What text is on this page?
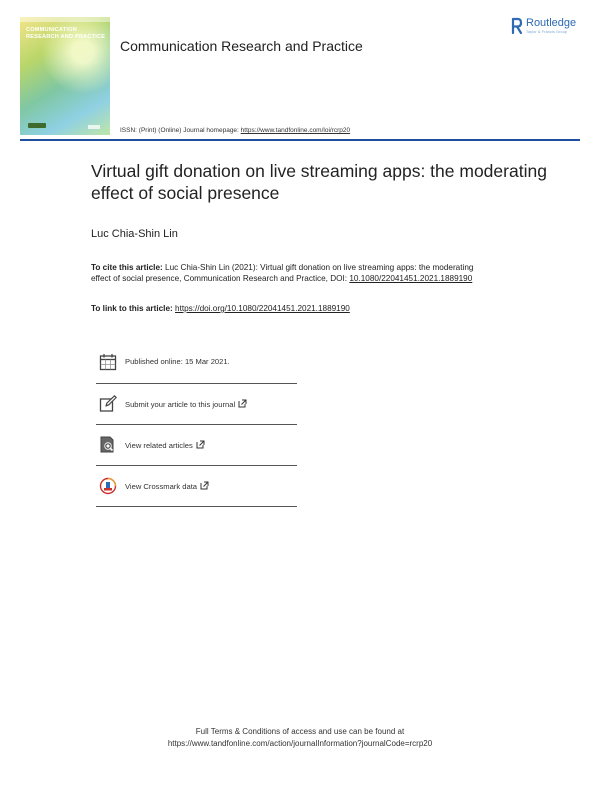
COMMUNICATION RESEARCH AND PRACTICE
Communication Research and Practice
ISSN: (Print) (Online) Journal homepage: https://www.tandfonline.com/loi/rcrp20
Routledge
Taylor & Francis Group
Virtual gift donation on live streaming apps: the moderating effect of social presence
Luc Chia-Shin Lin
To cite this article: Luc Chia-Shin Lin (2021): Virtual gift donation on live streaming apps: the moderating effect of social presence, Communication Research and Practice, DOI: 10.1080/22041451.2021.1889190
To link to this article: https://doi.org/10.1080/22041451.2021.1889190
Published online: 15 Mar 2021.
Submit your article to this journal
View related articles
View Crossmark data
Full Terms & Conditions of access and use can be found at
https://www.tandfonline.com/action/journalInformation?journalCode=rcrp20
